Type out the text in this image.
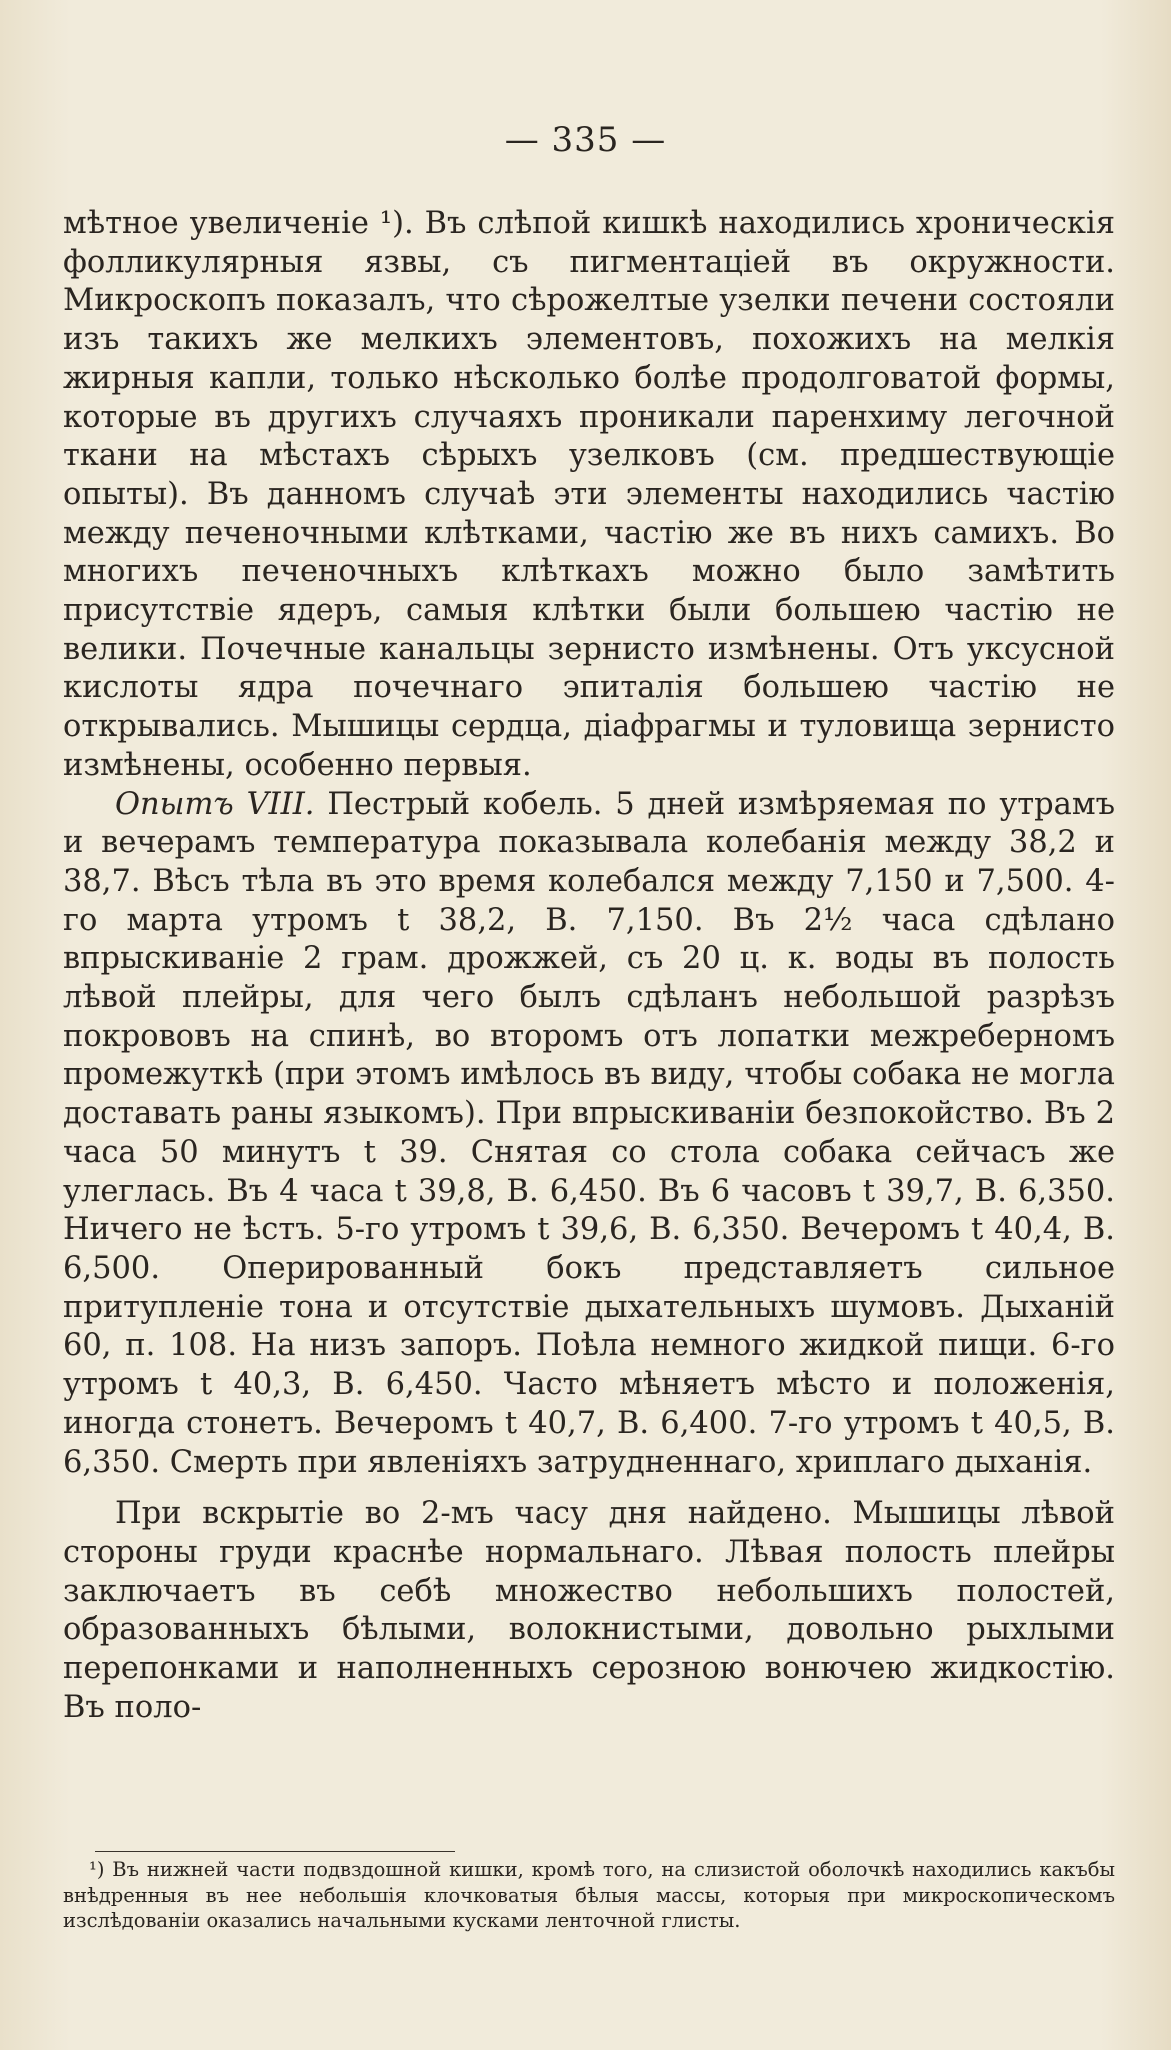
— 335 —

мѣтное увеличеніе ¹). Въ слѣпой кишкѣ находились хроническія фолликулярныя язвы, съ пигментаціей въ окружности. Микроскопъ показалъ, что сѣрожелтые узелки печени состояли изъ такихъ же мелкихъ элементовъ, похожихъ на мелкія жирныя капли, только нѣсколько болѣе продолговатой формы, которые въ другихъ случаяхъ проникали паренхиму легочной ткани на мѣстахъ сѣрыхъ узелковъ (см. предшествующіе опыты). Въ данномъ случаѣ эти элементы находились частію между печеночными клѣтками, частію же въ нихъ самихъ. Во многихъ печеночныхъ клѣткахъ можно было замѣтить присутствіе ядеръ, самыя клѣтки были большею частію не велики. Почечные канальцы зернисто измѣнены. Отъ уксусной кислоты ядра почечнаго эпиталія большею частію не открывались. Мышицы сердца, діафрагмы и туловища зернисто измѣнены, особенно первыя.

Опытъ VIII. Пестрый кобель. 5 дней измѣряемая по утрамъ и вечерамъ температура показывала колебанія между 38,2 и 38,7. Вѣсъ тѣла въ это время колебался между 7,150 и 7,500. 4-го марта утромъ t 38,2, В. 7,150. Въ 2½ часа сдѣлано впрыскиваніе 2 грам. дрожжей, съ 20 ц. к. воды въ полость лѣвой плейры, для чего былъ сдѣланъ небольшой разрѣзъ покрововъ на спинѣ, во второмъ отъ лопатки межреберномъ промежуткѣ (при этомъ имѣлось въ виду, чтобы собака не могла доставать раны языкомъ). При впрыскиваніи безпокойство. Въ 2 часа 50 минутъ t 39. Снятая со стола собака сейчасъ же улеглась. Въ 4 часа t 39,8, В. 6,450. Въ 6 часовъ t 39,7, В. 6,350. Ничего не ѣстъ. 5-го утромъ t 39,6, В. 6,350. Вечеромъ t 40,4, В. 6,500. Оперированный бокъ представляетъ сильное притупленіе тона и отсутствіе дыхательныхъ шумовъ. Дыханій 60, п. 108. На низъ запоръ. Поѣла немного жидкой пищи. 6-го утромъ t 40,3, В. 6,450. Часто мѣняетъ мѣсто и положенія, иногда стонетъ. Вечеромъ t 40,7, В. 6,400. 7-го утромъ t 40,5, В. 6,350. Смерть при явленіяхъ затрудненнаго, хриплаго дыханія.

При вскрытіе во 2-мъ часу дня найдено. Мышицы лѣвой стороны груди краснѣе нормальнаго. Лѣвая полость плейры заключаетъ въ себѣ множество небольшихъ полостей, образованныхъ бѣлыми, волокнистыми, довольно рыхлыми перепонками и наполненныхъ серозною вонючею жидкостію. Въ поло-

¹) Въ нижней части подвздошной кишки, кромѣ того, на слизистой оболочкѣ находились какъбы внѣдренныя въ нее небольшія клочковатыя бѣлыя массы, которыя при микроскопическомъ изслѣдованіи оказались начальными кусками ленточной глисты.
